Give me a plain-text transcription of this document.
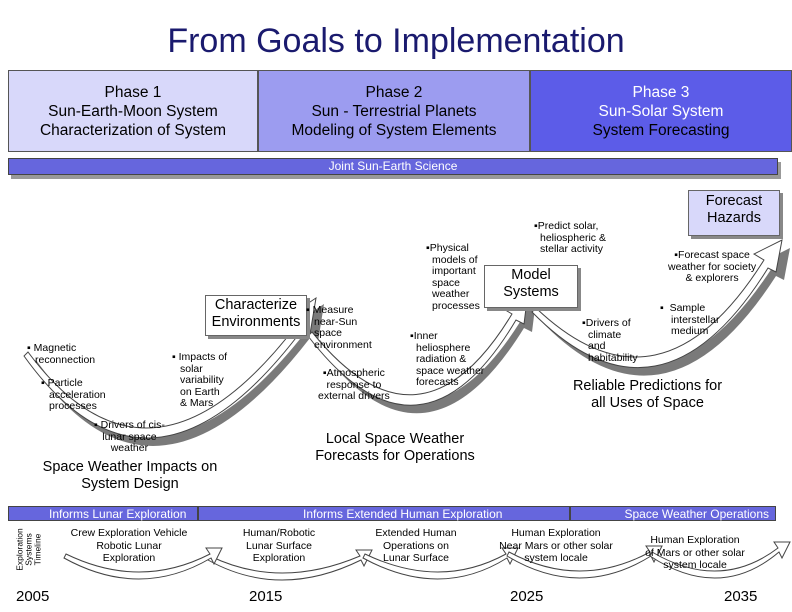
From Goals to Implementation
Phase 1
Sun-Earth-Moon System
Characterization of System
Phase 2
Sun - Terrestrial Planets
Modeling of System Elements
Phase 3
Sun-Solar System
System Forecasting
Joint Sun-Earth Science
Characterize
Environments
Model
Systems
Forecast
Hazards
▪ Magnetic
reconnection
▪ Particle
acceleration
processes
▪ Impacts of
solar
variability
on Earth
& Mars
▪ Drivers of cis-
lunar space
weather
▪ Measure
near-Sun
space
environment
▪Atmospheric
response to
external drivers
▪Inner
heliosphere
radiation &
space weather
forecasts
▪Physical
models of
important
space
weather
processes
▪Predict solar,
heliospheric &
stellar activity	▪Forecast space
weather for society
& explorers
▪  Sample
interstellar
medium
▪Drivers of
climate
and
habitability
Space Weather Impacts on
System Design
Local Space Weather
Forecasts for Operations
Reliable Predictions for
all Uses of Space
Exploration Systems Timeline
Informs Lunar Exploration	Informs Extended Human Exploration	Space Weather Operations
Crew Exploration Vehicle
Robotic Lunar
Exploration
Human/Robotic
Lunar Surface
Exploration
Extended Human
Operations on
Lunar Surface
Human Exploration
Near Mars or other solar
system locale
Human Exploration
of Mars or other solar
system locale
2005	2015	2025	2035
